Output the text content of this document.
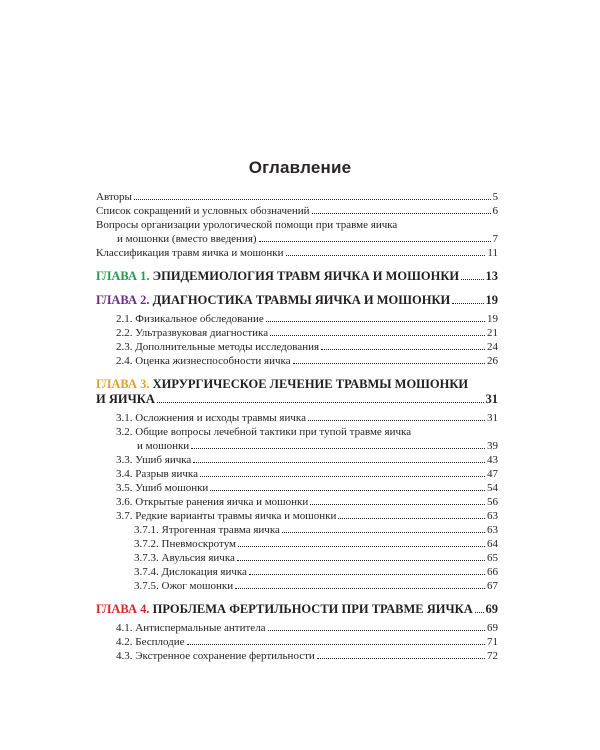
Оглавление
Авторы	5
Список сокращений и условных обозначений	6
Вопросы организации урологической помощи при травме яичка
и мошонки (вместо введения)	7
Классификация травм яичка и мошонки	11
ГЛАВА 1. ЭПИДЕМИОЛОГИЯ ТРАВМ ЯИЧКА И МОШОНКИ 13
ГЛАВА 2. ДИАГНОСТИКА ТРАВМЫ ЯИЧКА И МОШОНКИ	19
2.1. Физикальное обследование	19
2.2. Ультразвуковая диагностика	21
2.3. Дополнительные методы исследования	24
2.4. Оценка жизнеспособности яичка	26
ГЛАВА 3. ХИРУРГИЧЕСКОЕ ЛЕЧЕНИЕ ТРАВМЫ МОШОНКИ
И ЯИЧКА	31
3.1. Осложнения и исходы травмы яичка	31
3.2. Общие вопросы лечебной тактики при тупой травме яичка
и мошонки	39
3.3. Ушиб яичка	43
3.4. Разрыв яичка	47
3.5. Ушиб мошонки	54
3.6. Открытые ранения яичка и мошонки	56
3.7. Редкие варианты травмы яичка и мошонки	63
3.7.1. Ятрогенная травма яичка	63
3.7.2. Пневмоскротум	64
3.7.3. Авульсия яичка	65
3.7.4. Дислокация яичка	66
3.7.5. Ожог мошонки	67
ГЛАВА 4. ПРОБЛЕМА ФЕРТИЛЬНОСТИ ПРИ ТРАВМЕ ЯИЧКА 69
4.1. Антиспермальные антитела	69
4.2. Бесплодие	71
4.3. Экстренное сохранение фертильности	72
